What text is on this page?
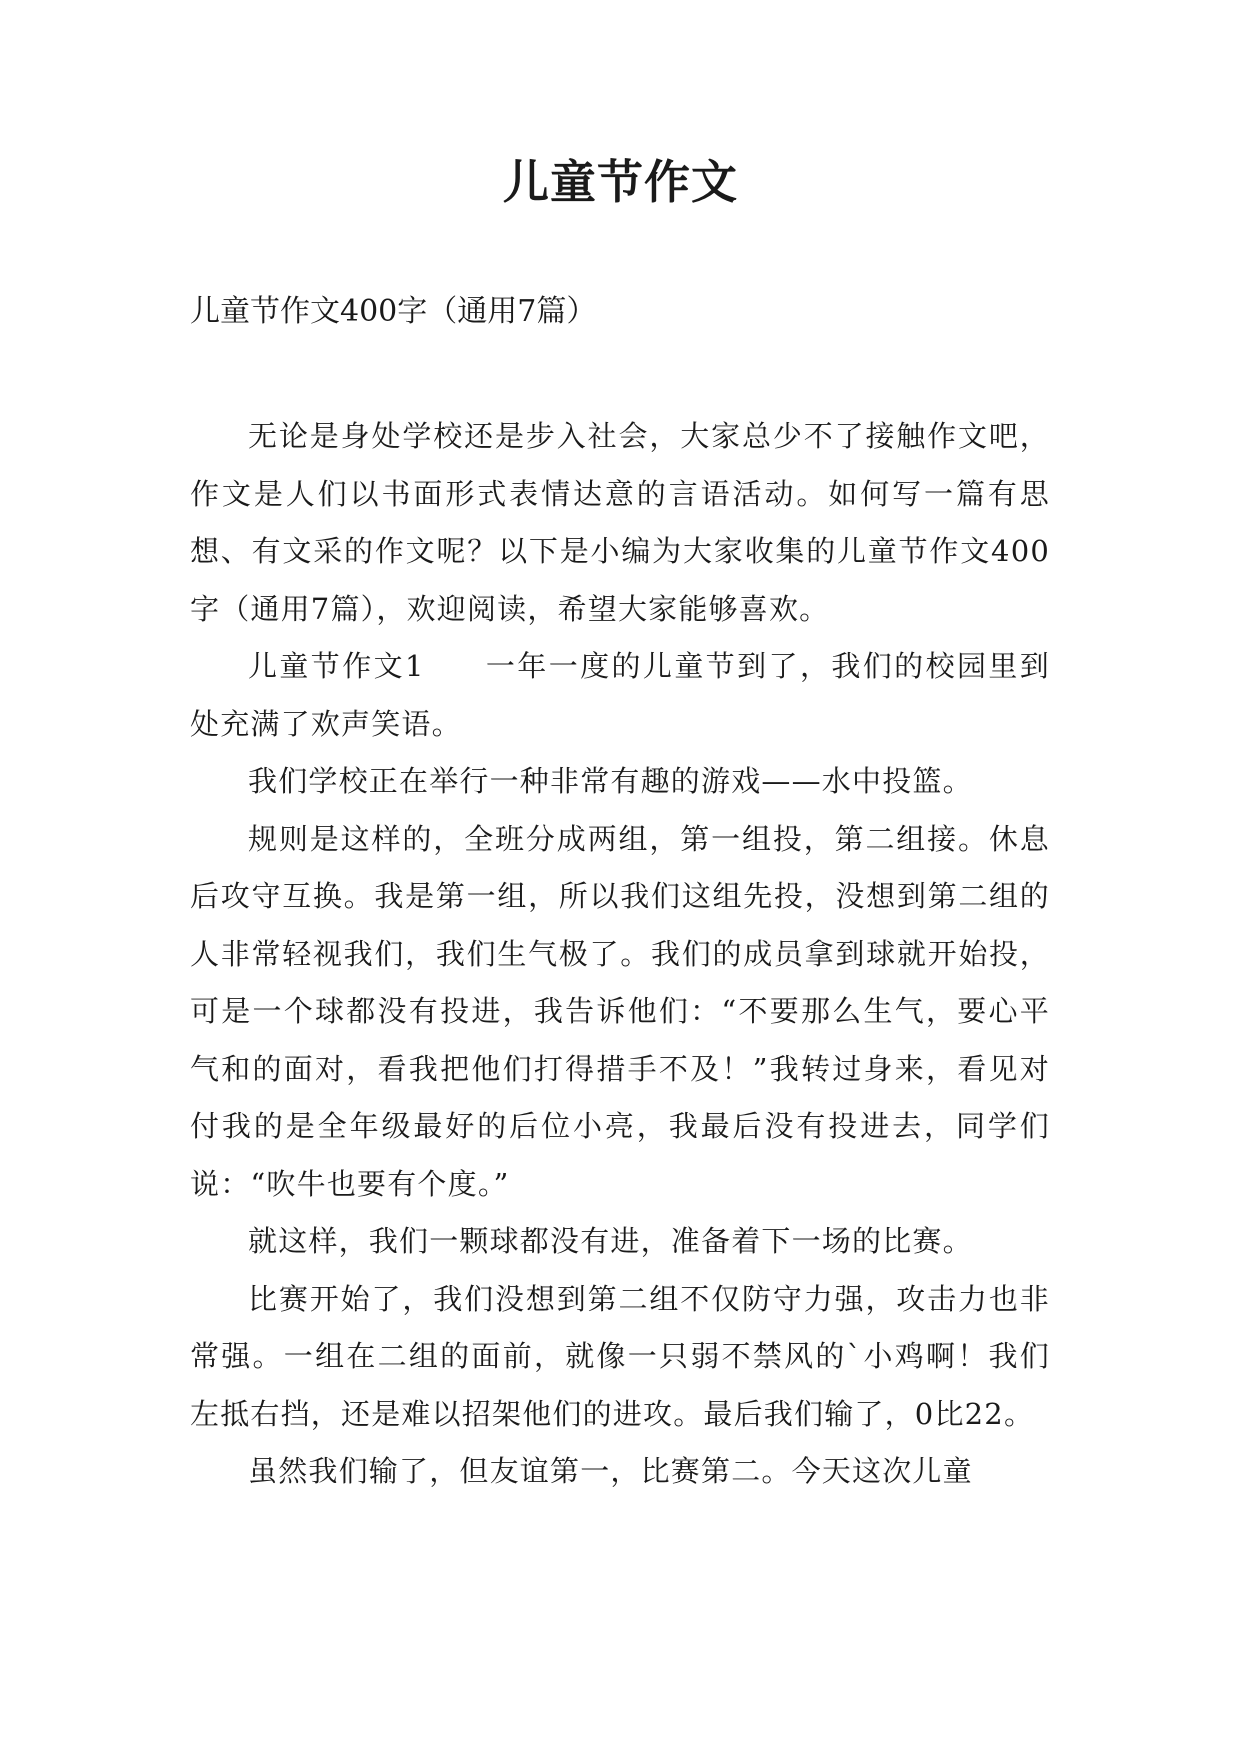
儿童节作文

儿童节作文400字（通用7篇）

无论是身处学校还是步入社会，大家总少不了接触作文吧，作文是人们以书面形式表情达意的言语活动。如何写一篇有思想、有文采的作文呢？以下是小编为大家收集的儿童节作文400字（通用7篇），欢迎阅读，希望大家能够喜欢。

儿童节作文1 一年一度的儿童节到了，我们的校园里到处充满了欢声笑语。

我们学校正在举行一种非常有趣的游戏——水中投篮。

规则是这样的，全班分成两组，第一组投，第二组接。休息后攻守互换。我是第一组，所以我们这组先投，没想到第二组的人非常轻视我们，我们生气极了。我们的成员拿到球就开始投，可是一个球都没有投进，我告诉他们：“不要那么生气，要心平气和的面对，看我把他们打得措手不及！”我转过身来，看见对付我的是全年级最好的后位小亮，我最后没有投进去，同学们说：“吹牛也要有个度。”

就这样，我们一颗球都没有进，准备着下一场的比赛。

比赛开始了，我们没想到第二组不仅防守力强，攻击力也非常强。一组在二组的面前，就像一只弱不禁风的`小鸡啊！我们左抵右挡，还是难以招架他们的进攻。最后我们输了，0比22。

虽然我们输了，但友谊第一，比赛第二。今天这次儿童
